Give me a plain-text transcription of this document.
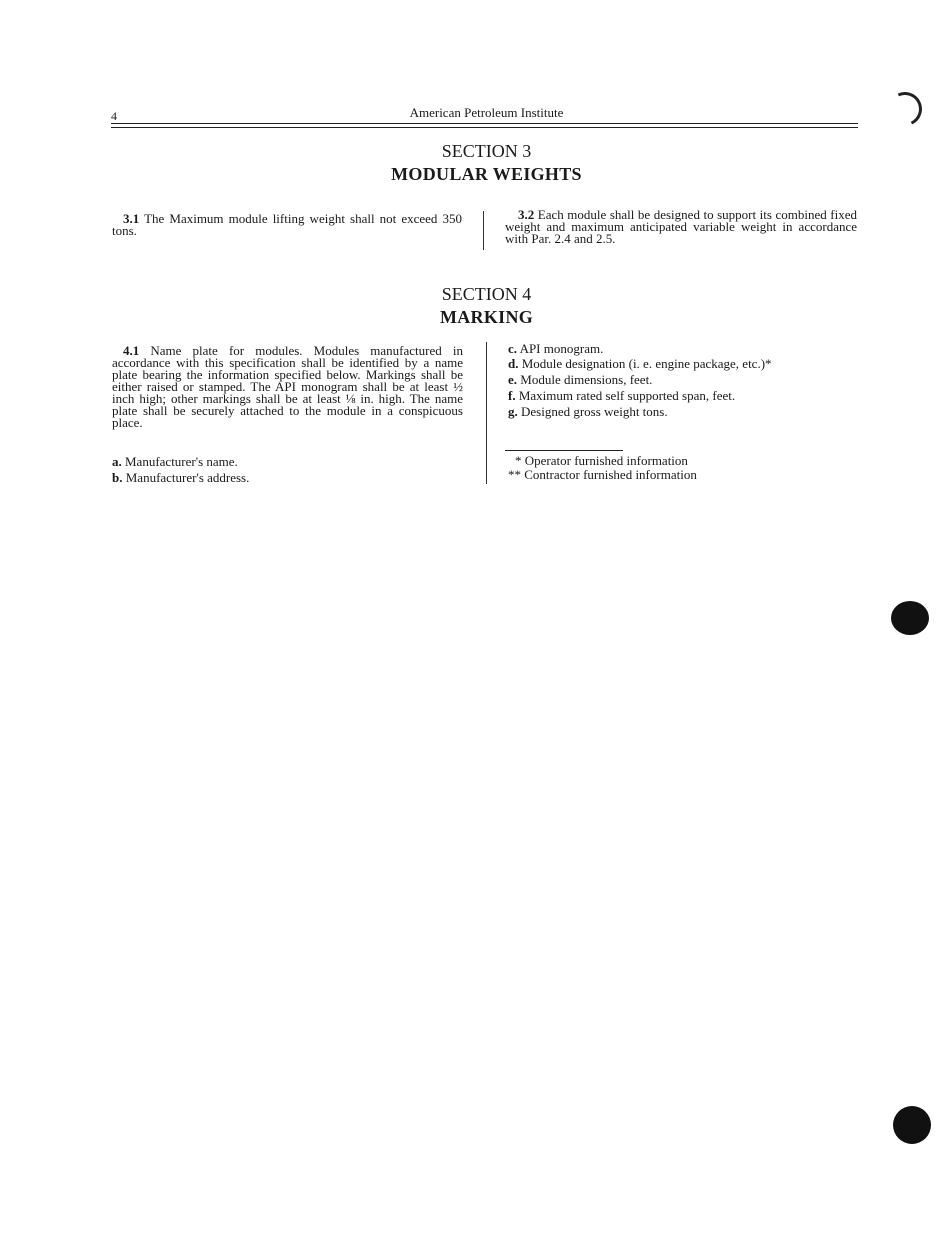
4	American Petroleum Institute
SECTION 3
MODULAR WEIGHTS
3.1 The Maximum module lifting weight shall not exceed 350 tons.
3.2 Each module shall be designed to support its combined fixed weight and maximum anticipated variable weight in accordance with Par. 2.4 and 2.5.
SECTION 4
MARKING
4.1 Name plate for modules. Modules manufactured in accordance with this specification shall be identified by a name plate bearing the information specified below. Markings shall be either raised or stamped. The API monogram shall be at least ½ inch high; other markings shall be at least ⅛ in. high. The name plate shall be securely attached to the module in a conspicuous place.
a. Manufacturer's name.
b. Manufacturer's address.
c. API monogram.
d. Module designation (i. e. engine package, etc.)*
e. Module dimensions, feet.
f. Maximum rated self supported span, feet.
g. Designed gross weight tons.
* Operator furnished information
** Contractor furnished information
